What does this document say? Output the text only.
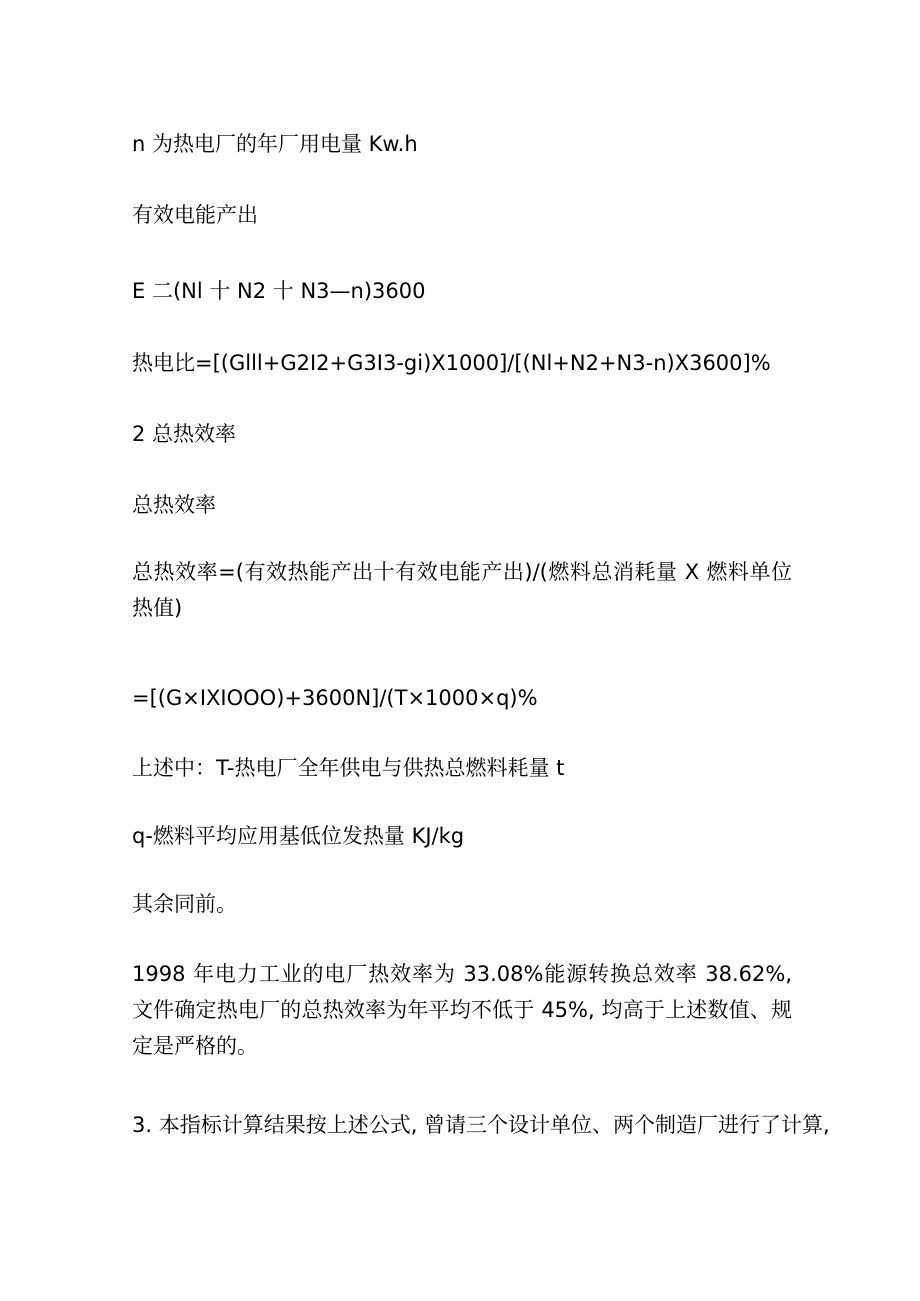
n 为热电厂的年厂用电量 Kw.h
有效电能产出
E 二(Nl 十 N2 十 N3—n)3600
热电比=[(Glll+G2I2+G3I3-gi)X1000]/[(Nl+N2+N3-n)X3600]%
2 总热效率
总热效率
总热效率=(有效热能产出十有效电能产出)/(燃料总消耗量 X 燃料单位热值)
=[(G×IXIOOO)+3600N]/(T×1000×q)%
上述中：T-热电厂全年供电与供热总燃料耗量 t
q-燃料平均应用基低位发热量 KJ/kg
其余同前。
1998 年电力工业的电厂热效率为 33.08%能源转换总效率 38.62%,文件确定热电厂的总热效率为年平均不低于 45%, 均高于上述数值、规定是严格的。
3. 本指标计算结果按上述公式, 曾请三个设计单位、两个制造厂进行了计算,
